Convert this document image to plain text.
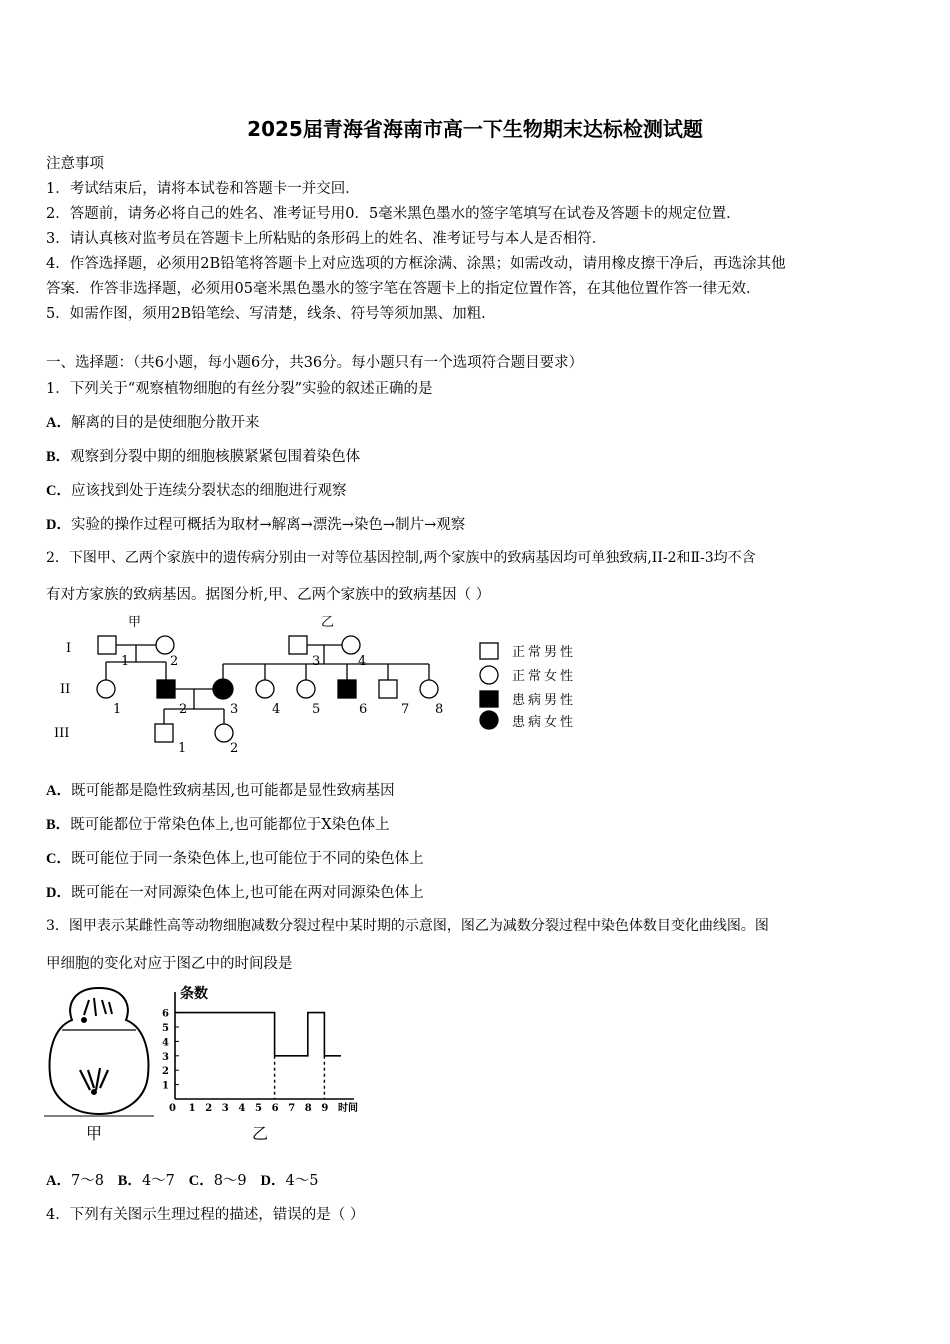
2025届青海省海南市高一下生物期末达标检测试题
注意事项
1．考试结束后，请将本试卷和答题卡一并交回．
2．答题前，请务必将自己的姓名、准考证号用0．5毫米黑色墨水的签字笔填写在试卷及答题卡的规定位置．
3．请认真核对监考员在答题卡上所粘贴的条形码上的姓名、准考证号与本人是否相符．
4．作答选择题，必须用2B铅笔将答题卡上对应选项的方框涂满、涂黑；如需改动，请用橡皮擦干净后，再选涂其他
答案．作答非选择题，必须用05毫米黑色墨水的签字笔在答题卡上的指定位置作答，在其他位置作答一律无效．
5．如需作图，须用2B铅笔绘、写清楚，线条、符号等须加黑、加粗．
一、选择题：（共6小题，每小题6分，共36分。每小题只有一个选项符合题目要求）
1．下列关于“观察植物细胞的有丝分裂”实验的叙述正确的是
A．解离的目的是使细胞分散开来
B．观察到分裂中期的细胞核膜紧紧包围着染色体
C．应该找到处于连续分裂状态的细胞进行观察
D．实验的操作过程可概括为取材→解离→漂洗→染色→制片→观察
2．下图甲、乙两个家族中的遗传病分别由一对等位基因控制,两个家族中的致病基因均可单独致病,II-2和Ⅱ-3均不含
有对方家族的致病基因。据图分析,甲、乙两个家族中的致病基因（ ）
甲	乙
I
II
III
1	2	3	4
1	2	3	4 5	6	7 8
1	2
正常男性
正常女性
患病男性
患病女性
A．既可能都是隐性致病基因,也可能都是显性致病基因
B．既可能都位于常染色体上,也可能都位于X染色体上
C．既可能位于同一条染色体上,也可能位于不同的染色体上
D．既可能在一对同源染色体上,也可能在两对同源染色体上
3．图甲表示某雌性高等动物细胞减数分裂过程中某时期的示意图，图乙为减数分裂过程中染色体数目变化曲线图。图
甲细胞的变化对应于图乙中的时间段是
条数
时间
1
2
3
4
5
6
0 1 2 3 4 5 6 7 8 9
甲	乙
A．7～8 B．4～7 C．8～9 D．4～5
4．下列有关图示生理过程的描述，错误的是（ ）
